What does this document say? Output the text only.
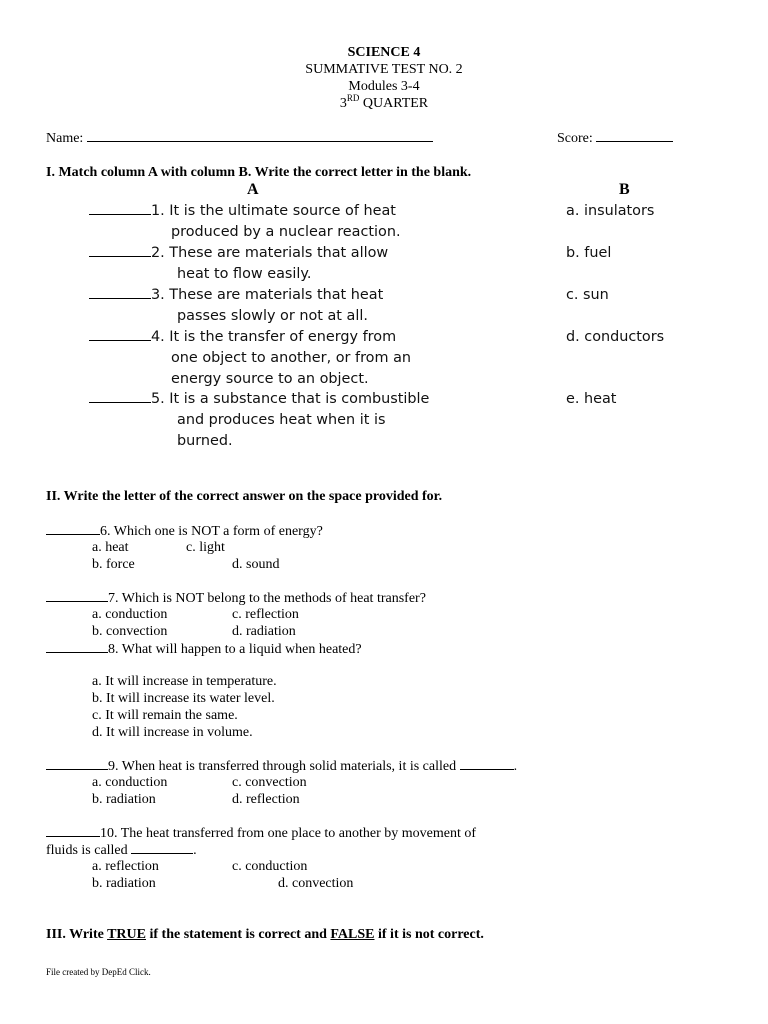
SCIENCE 4
SUMMATIVE TEST NO. 2
Modules 3-4
3RD QUARTER
Name:	Score:
I. Match column A with column B. Write the correct letter in the blank.
A	B
1. It is the ultimate source of heat
produced by a nuclear reaction.
a. insulators
2. These are materials that allow
heat to flow easily.
b. fuel
3. These are materials that heat
passes slowly or not at all.
c. sun
4. It is the transfer of energy from
one object to another, or from an
energy source to an object.
d. conductors
5. It is a substance that is combustible
and produces heat when it is
burned.
e. heat
II. Write the letter of the correct answer on the space provided for.
6. Which one is NOT a form of energy?
a. heat	c. light
b. force	d. sound
7. Which is NOT belong to the methods of heat transfer?
a. conduction	c. reflection
b. convection	d. radiation
8. What will happen to a liquid when heated?
a. It will increase in temperature.
b. It will increase its water level.
c. It will remain the same.
d. It will increase in volume.
9. When heat is transferred through solid materials, it is called	.
a. conduction	c. convection
b. radiation	d. reflection
10. The heat transferred from one place to another by movement of
fluids is called	.
a. reflection	c. conduction
b. radiation	d. convection
III. Write TRUE if the statement is correct and FALSE if it is not correct.
File created by DepEd Click.
